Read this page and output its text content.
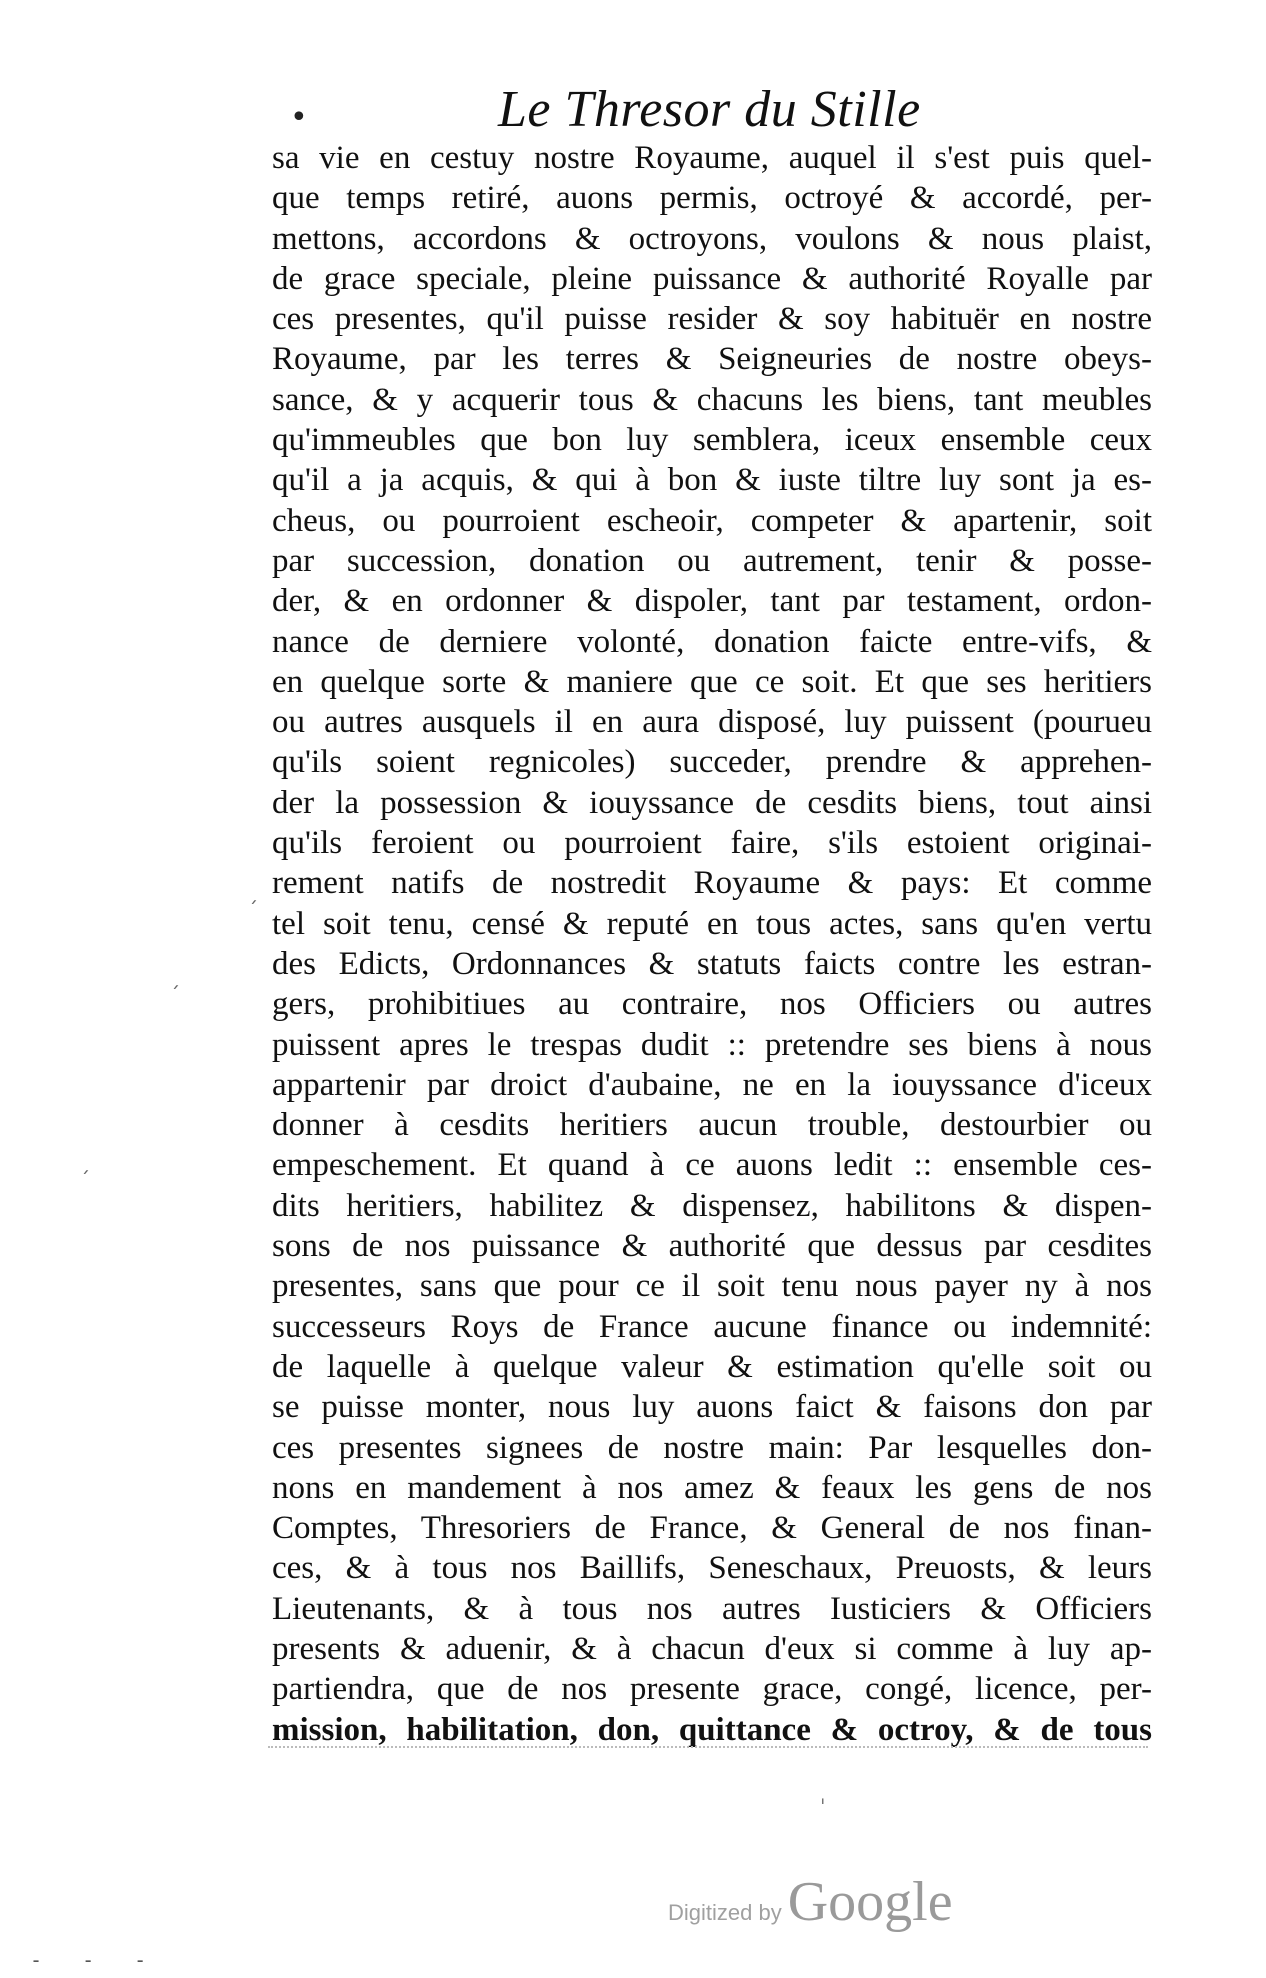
•	Le Thresor du Stille
sa vie en cestuy nostre Royaume, auquel il s'est puis quel-
que temps retiré, auons permis, octroyé & accordé, per-
mettons, accordons & octroyons, voulons & nous plaist,
de grace speciale, pleine puissance & authorité Royalle par
ces presentes, qu'il puisse resider & soy habituër en nostre
Royaume, par les terres & Seigneuries de nostre obeys-
sance, & y acquerir tous & chacuns les biens, tant meubles
qu'immeubles que bon luy semblera, iceux ensemble ceux
qu'il a ja acquis, & qui à bon & iuste tiltre luy sont ja es-
cheus, ou pourroient escheoir, competer & apartenir, soit
par succession, donation ou autrement, tenir & posse-
der, & en ordonner & dispoler, tant par testament, ordon-
nance de derniere volonté, donation faicte entre-vifs, &
en quelque sorte & maniere que ce soit. Et que ses heritiers
ou autres ausquels il en aura disposé, luy puissent (pourueu
qu'ils soient regnicoles) succeder, prendre & apprehen-
der la possession & iouyssance de cesdits biens, tout ainsi
qu'ils feroient ou pourroient faire, s'ils estoient originai-
rement natifs de nostredit Royaume & pays: Et comme
tel soit tenu, censé & reputé en tous actes, sans qu'en vertu
des Edicts, Ordonnances & statuts faicts contre les estran-
gers, prohibitiues au contraire, nos Officiers ou autres
puissent apres le trespas dudit :: pretendre ses biens à nous
appartenir par droict d'aubaine, ne en la iouyssance d'iceux
donner à cesdits heritiers aucun trouble, destourbier ou
empeschement. Et quand à ce auons ledit :: ensemble ces-
dits heritiers, habilitez & dispensez, habilitons & dispen-
sons de nos puissance & authorité que dessus par cesdites
presentes, sans que pour ce il soit tenu nous payer ny à nos
successeurs Roys de France aucune finance ou indemnité:
de laquelle à quelque valeur & estimation qu'elle soit ou
se puisse monter, nous luy auons faict & faisons don par
ces presentes signees de nostre main: Par lesquelles don-
nons en mandement à nos amez & feaux les gens de nos
Comptes, Thresoriers de France, & General de nos finan-
ces, & à tous nos Baillifs, Seneschaux, Preuosts, & leurs
Lieutenants, & à tous nos autres Iusticiers & Officiers
presents & aduenir, & à chacun d'eux si comme à luy ap-
partiendra, que de nos presente grace, congé, licence, per-
mission, habilitation, don, quittance & octroy, & de tous
ˏ
ˏ
ˏ
ˌ
Digitized by Google
‐ ‐ ‐
